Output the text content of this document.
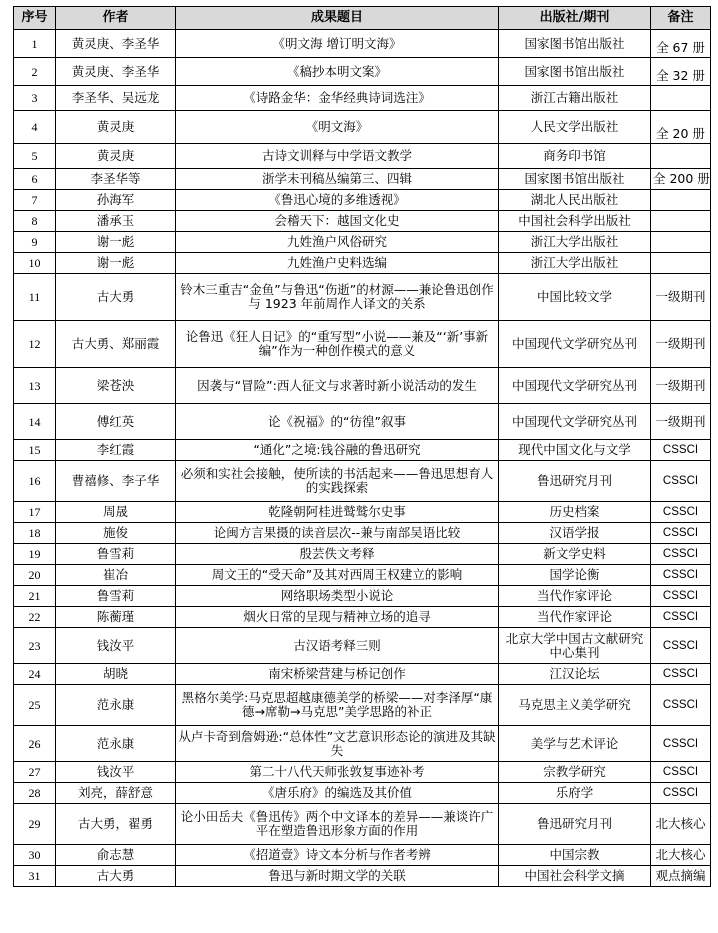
序号	作者	成果题目	出版社/期刊	备注
1	黄灵庚、李圣华	《明文海 增订明文海》	国家图书馆出版社	全 67 册
2	黄灵庚、李圣华	《稿抄本明文案》	国家图书馆出版社	全 32 册
3	李圣华、吴远龙	《诗路金华：金华经典诗词选注》	浙江古籍出版社	
4	黄灵庚	《明文海》	人民文学出版社	全 20 册
5	黄灵庚	古诗文训释与中学语文教学	商务印书馆	
6	李圣华等	浙学未刊稿丛编第三、四辑	国家图书馆出版社	全 200 册
7	孙海军	《鲁迅心境的多维透视》	湖北人民出版社	
8	潘承玉	会稽天下：越国文化史	中国社会科学出版社	
9	谢一彪	九姓渔户风俗研究	浙江大学出版社	
10	谢一彪	九姓渔户史料选编	浙江大学出版社	
11	古大勇	铃木三重吉“金鱼”与鲁迅“伤逝”的材源——兼论鲁迅创作与 1923 年前周作人译文的关系	中国比较文学	一级期刊
12	古大勇、郑丽霞	论鲁迅《狂人日记》的“重写型”小说——兼及“‘新’事新编”作为一种创作模式的意义	中国现代文学研究丛刊	一级期刊
13	梁苍泱	因袭与“冒险”:西人征文与求著时新小说活动的发生	中国现代文学研究丛刊	一级期刊
14	傅红英	论《祝福》的“彷徨”叙事	中国现代文学研究丛刊	一级期刊
15	李红霞	“通化”之境:钱谷融的鲁迅研究	现代中国文化与文学	CSSCI
16	曹禧修、李子华	必须和实社会接触，使所读的书活起来——鲁迅思想育人的实践探索	鲁迅研究月刊	CSSCI
17	周晟	乾隆朝阿桂进鹫鹫尔史事	历史档案	CSSCI
18	施俊	论闽方言果摄的读音层次--兼与南部吴语比较	汉语学报	CSSCI
19	鲁雪莉	殷芸佚文考释	新文学史料	CSSCI
20	崔冶	周文王的“受天命”及其对西周王权建立的影响	国学论衡	CSSCI
21	鲁雪莉	网络职场类型小说论	当代作家评论	CSSCI
22	陈蘅瑾	烟火日常的呈现与精神立场的追寻	当代作家评论	CSSCI
23	钱汝平	古汉语考释三则	北京大学中国古文献研究中心集刊	CSSCI
24	胡晓	南宋桥梁营建与桥记创作	江汉论坛	CSSCI
25	范永康	黑格尔美学:马克思超越康德美学的桥梁——对李泽厚“康德→席勒→马克思”美学思路的补正	马克思主义美学研究	CSSCI
26	范永康	从卢卡奇到詹姆逊:“总体性”文艺意识形态论的演进及其缺失	美学与艺术评论	CSSCI
27	钱汝平	第二十八代天师张敦复事迹补考	宗教学研究	CSSCI
28	刘亮，薛舒意	《唐乐府》的编选及其价值	乐府学	CSSCI
29	古大勇，翟勇	论小田岳夫《鲁迅传》两个中文译本的差异——兼谈许广平在塑造鲁迅形象方面的作用	鲁迅研究月刊	北大核心
30	俞志慧	《招道壹》诗文本分析与作者考辨	中国宗教	北大核心
31	古大勇	鲁迅与新时期文学的关联	中国社会科学文摘	观点摘编
